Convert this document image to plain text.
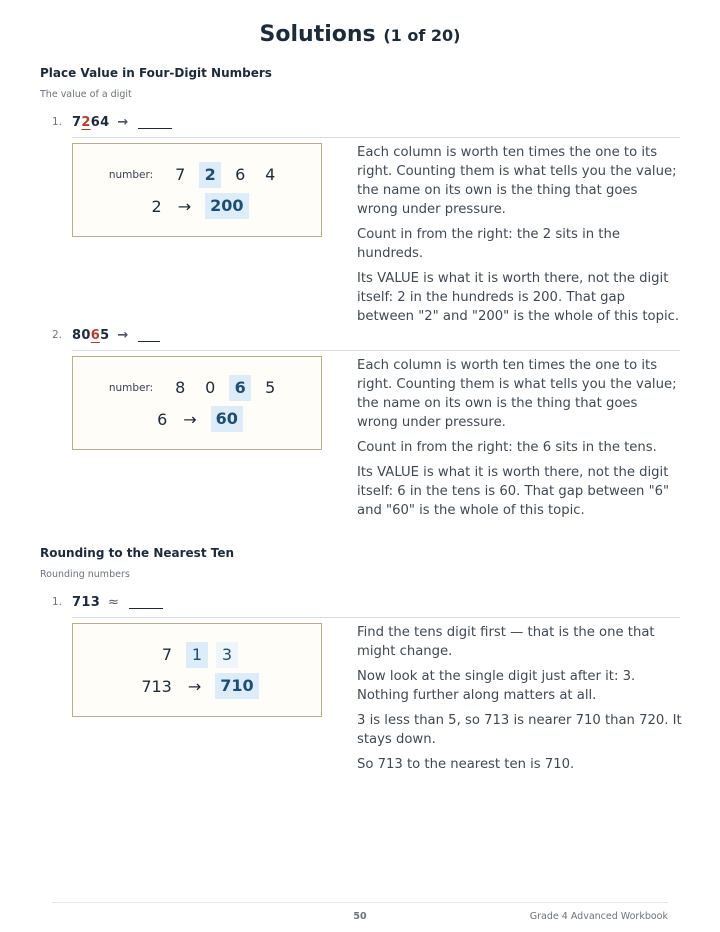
Solutions (1 of 20)
Place Value in Four-Digit Numbers

The value of a digit

1. 7264 →
number:	7	2	6	4
2 →	200

Each column is worth ten times the one to its right. Counting them is what tells you the value; the name on its own is the thing that goes wrong under pressure.

Count in from the right: the 2 sits in the hundreds.

Its VALUE is what it is worth there, not the digit itself: 2 in the hundreds is 200. That gap between "2" and "200" is the whole of this topic.

2. 8065 →
number:	8	0	6	5
6 →	60

Each column is worth ten times the one to its right. Counting them is what tells you the value; the name on its own is the thing that goes wrong under pressure.

Count in from the right: the 6 sits in the tens.

Its VALUE is what it is worth there, not the digit itself: 6 in the tens is 60. That gap between "6" and "60" is the whole of this topic.

Rounding to the Nearest Ten

Rounding numbers

1. 713 ≈
7	1	3
713 →	710

Find the tens digit first — that is the one that might change.

Now look at the single digit just after it: 3. Nothing further along matters at all.

3 is less than 5, so 713 is nearer 710 than 720. It stays down.

So 713 to the nearest ten is 710.

50	Grade 4 Advanced Workbook
